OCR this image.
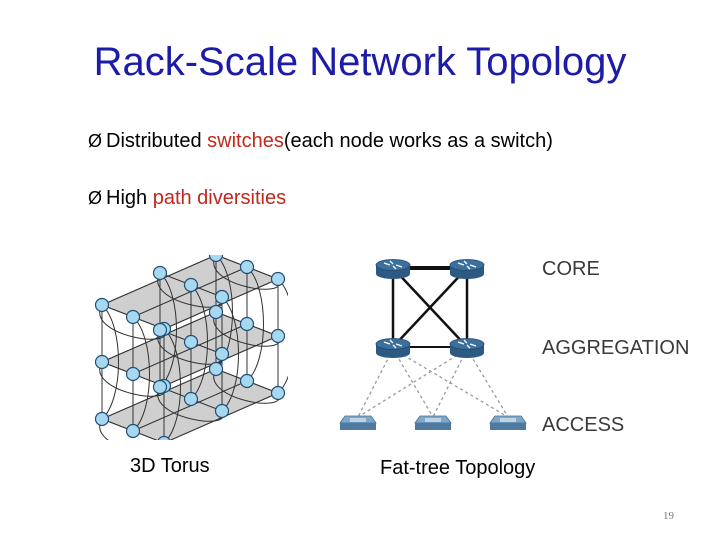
Rack-Scale Network Topology
Ø Distributed switches(each node works as a switch)
Ø High path diversities
3D Torus
CORE
AGGREGATION
ACCESS
Fat-tree Topology
19
